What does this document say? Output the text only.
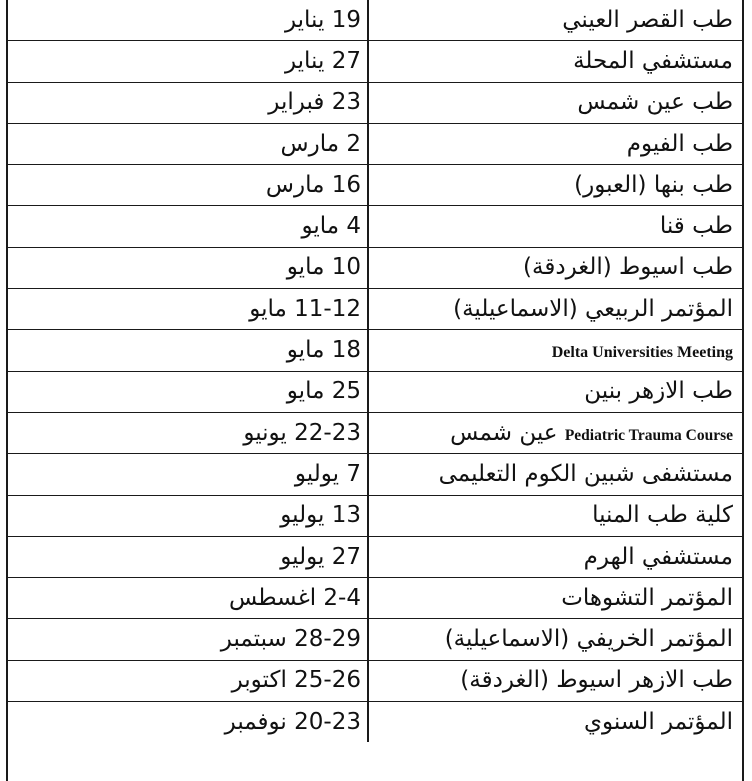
طب القصر العيني	19 يناير
مستشفي المحلة	27 يناير
طب عين شمس	23 فبراير
طب الفيوم	2 مارس
طب بنها (العبور)	16 مارس
طب قنا	4 مايو
طب اسيوط (الغردقة)	10 مايو
المؤتمر الربيعي (الاسماعيلية)	11-12 مايو
Delta Universities Meeting	18 مايو
طب الازهر بنين	25 مايو
Pediatric Trauma Course عين شمس	22-23 يونيو
مستشفى شبين الكوم التعليمى	7 يوليو
كلية طب المنيا	13 يوليو
مستشفي الهرم	27 يوليو
المؤتمر التشوهات	2-4 اغسطس
المؤتمر الخريفي (الاسماعيلية)	28-29 سبتمبر
طب الازهر اسيوط (الغردقة)	25-26 اكتوبر
المؤتمر السنوي	20-23 نوفمبر
